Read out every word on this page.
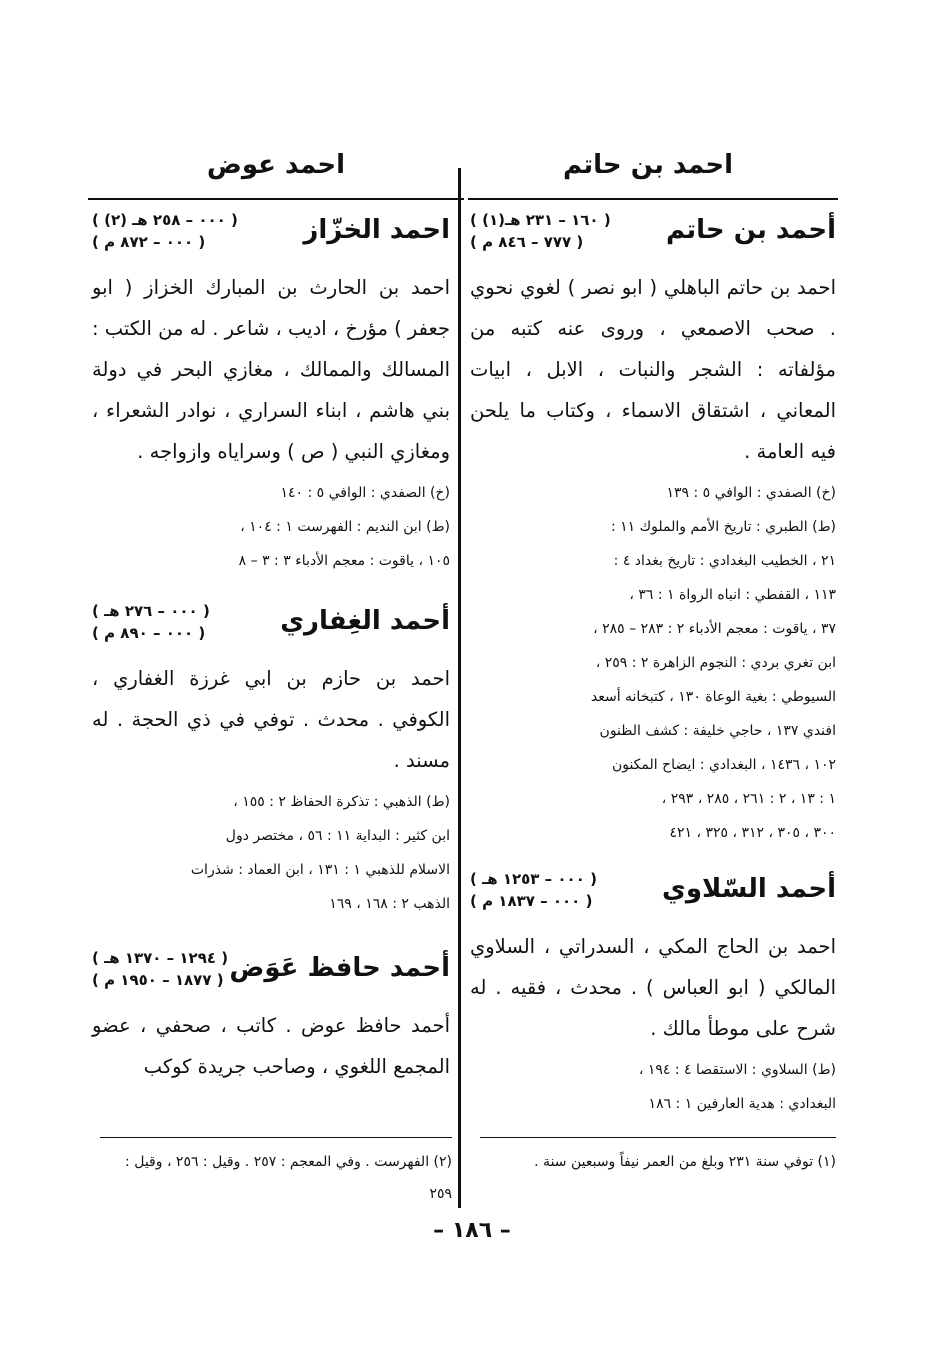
احمد بن حاتم
احمد عوض
أحمد بن حاتم
( ١٦٠ – ٢٣١ هـ(١) )
( ٧٧٧ – ٨٤٦ م )

احمد بن حاتم الباهلي ( ابو نصر ) لغوي نحوي . صحب الاصمعي ، وروى عنه كتبه من مؤلفاته : الشجر والنبات ، الابل ، ابيات المعاني ، اشتقاق الاسماء ، وكتاب ما يلحن فيه العامة .

(خ) الصفدي : الوافي ٥ : ١٣٩
(ط) الطبري : تاريخ الأمم والملوك ١١ :
٢١ ، الخطيب البغدادي : تاريخ بغداد ٤ :
١١٣ ، القفطي : انباه الرواة ١ : ٣٦ ،
٣٧ ، ياقوت : معجم الأدباء ٢ : ٢٨٣ – ٢٨٥ ،
ابن تغري بردي : النجوم الزاهرة ٢ : ٢٥٩ ،
السيوطي : بغية الوعاة ١٣٠ ، كتبخانه أسعد
افندي ١٣٧ ، حاجي خليفة : كشف الظنون
١٠٢ ، ١٤٣٦ ، البغدادي : ايضاح المكنون
١ : ١٣ ، ٢ : ٢٦١ ، ٢٨٥ ، ٢٩٣ ،
٣٠٠ ، ٣٠٥ ، ٣١٢ ، ٣٢٥ ، ٤٢١
أحمد السّلاوي
( ٠٠٠ – ١٢٥٣ هـ )
( ٠٠٠ – ١٨٣٧ م )

احمد بن الحاج المكي ، السدراتي ، السلاوي المالكي ( ابو العباس ) . محدث ، فقيه . له شرح على موطأ مالك .

(ط) السلاوي : الاستقصا ٤ : ١٩٤ ،
البغدادي : هدية العارفين ١ : ١٨٦
احمد الخزّاز
( ٠٠٠ – ٢٥٨ هـ (٢) )
( ٠٠٠ – ٨٧٢ م )

احمد بن الحارث بن المبارك الخزاز ( ابو جعفر ) مؤرخ ، اديب ، شاعر . له من الكتب : المسالك والممالك ، مغازي البحر في دولة بني هاشم ، ابناء السراري ، نوادر الشعراء ، ومغازي النبي ( ص ) وسراياه وازواجه .

(خ) الصفدي : الوافي ٥ : ١٤٠
(ط) ابن النديم : الفهرست ١ : ١٠٤ ،
١٠٥ ، ياقوت : معجم الأدباء ٣ : ٣ – ٨
أحمد الغِفاري
( ٠٠٠ – ٢٧٦ هـ )
( ٠٠٠ – ٨٩٠ م )

احمد بن حازم بن ابي غرزة الغفاري ، الكوفي . محدث . توفي في ذي الحجة . له مسند .

(ط) الذهبي : تذكرة الحفاظ ٢ : ١٥٥ ،
ابن كثير : البداية ١١ : ٥٦ ، مختصر دول
الاسلام للذهبي ١ : ١٣١ ، ابن العماد : شذرات
الذهب ٢ : ١٦٨ ، ١٦٩
أحمد حافظ عَوَض
( ١٢٩٤ – ١٣٧٠ هـ )
( ١٨٧٧ – ١٩٥٠ م )

أحمد حافظ عوض . كاتب ، صحفي ، عضو المجمع اللغوي ، وصاحب جريدة كوكب

(١) توفي سنة ٢٣١ وبلغ من العمر نيفاً وسبعين سنة .
(٢) الفهرست . وفي المعجم : ٢٥٧ . وقيل : ٢٥٦ ، وقيل : ٢٥٩
– ١٨٦ –
